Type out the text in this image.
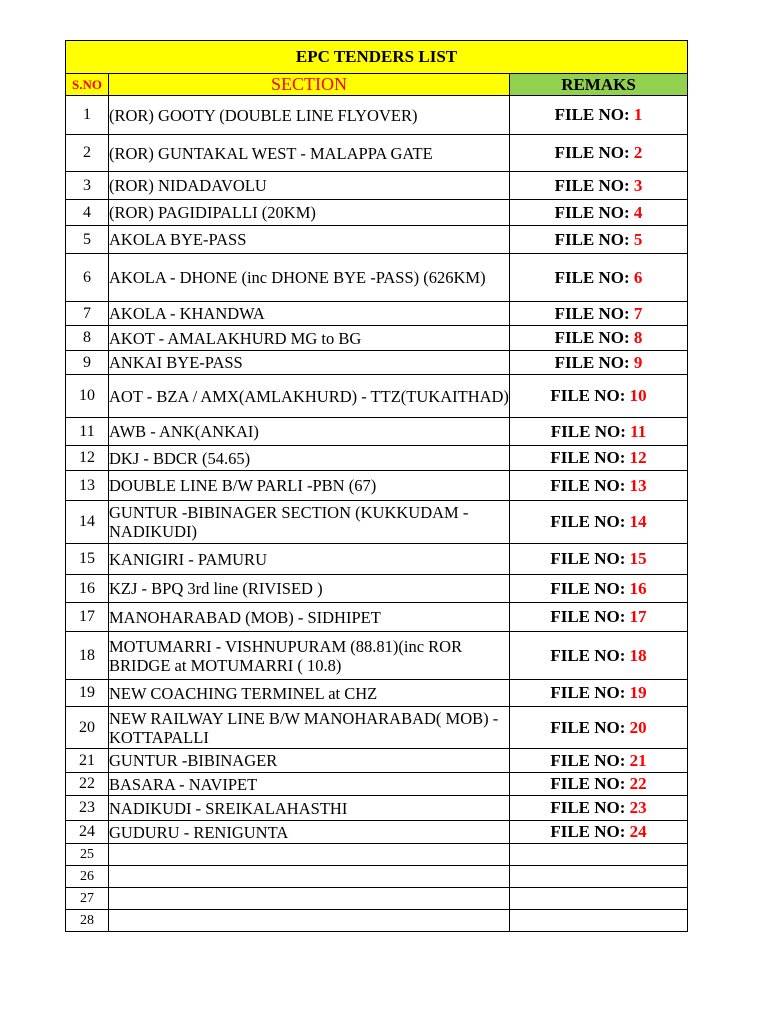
EPC TENDERS LIST		
S.NO	SECTION	REMAKS
1	(ROR) GOOTY (DOUBLE LINE FLYOVER)	FILE NO: 1
2	(ROR) GUNTAKAL WEST - MALAPPA GATE	FILE NO: 2
3	(ROR) NIDADAVOLU	FILE NO: 3
4	(ROR) PAGIDIPALLI (20KM)	FILE NO: 4
5	AKOLA BYE-PASS	FILE NO: 5
6	AKOLA - DHONE (inc DHONE BYE -PASS) (626KM)	FILE NO: 6
7	AKOLA - KHANDWA	FILE NO: 7
8	AKOT - AMALAKHURD MG to BG	FILE NO: 8
9	ANKAI BYE-PASS	FILE NO: 9
10	AOT - BZA / AMX(AMLAKHURD) - TTZ(TUKAITHAD)	FILE NO: 10
11	AWB - ANK(ANKAI)	FILE NO: 11
12	DKJ - BDCR (54.65)	FILE NO: 12
13	DOUBLE LINE B/W PARLI -PBN (67)	FILE NO: 13
14	GUNTUR -BIBINAGER SECTION (KUKKUDAM - NADIKUDI)	FILE NO: 14
15	KANIGIRI - PAMURU	FILE NO: 15
16	KZJ - BPQ 3rd line (RIVISED )	FILE NO: 16
17	MANOHARABAD (MOB) - SIDHIPET	FILE NO: 17
18	MOTUMARRI - VISHNUPURAM (88.81)(inc ROR BRIDGE at MOTUMARRI ( 10.8)	FILE NO: 18
19	NEW COACHING TERMINEL at CHZ	FILE NO: 19
20	NEW RAILWAY LINE B/W MANOHARABAD( MOB) - KOTTAPALLI	FILE NO: 20
21	GUNTUR -BIBINAGER	FILE NO: 21
22	BASARA - NAVIPET	FILE NO: 22
23	NADIKUDI - SREIKALAHASTHI	FILE NO: 23
24	GUDURU - RENIGUNTA	FILE NO: 24
25		
26		
27		
28		
